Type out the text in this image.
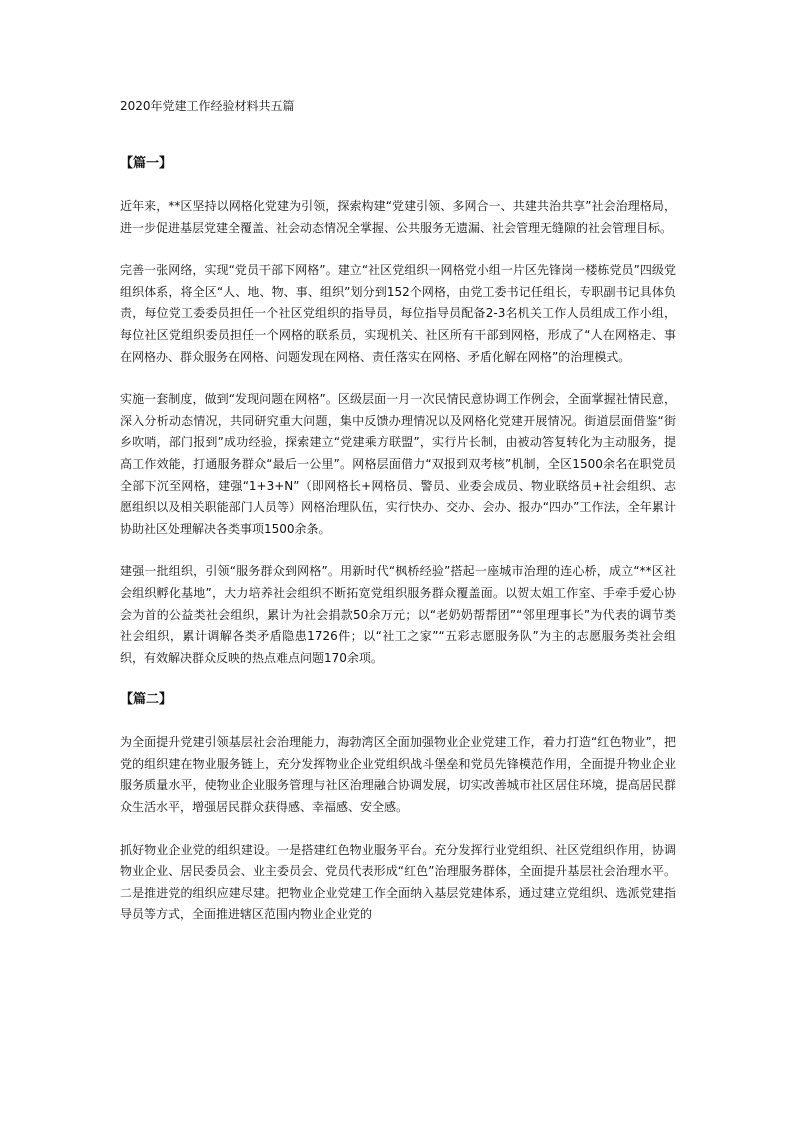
2020年党建工作经验材料共五篇
【篇一】

近年来，**区坚持以网格化党建为引领，探索构建“党建引领、多网合一、共建共治共享”社会治理格局，进一步促进基层党建全覆盖、社会动态情况全掌握、公共服务无遗漏、社会管理无缝隙的社会管理目标。

完善一张网络，实现“党员干部下网格”。建立“社区党组织一网格党小组一片区先锋岗一楼栋党员”四级党组织体系，将全区“人、地、物、事、组织”划分到152个网格，由党工委书记任组长，专职副书记具体负责，每位党工委委员担任一个社区党组织的指导员，每位指导员配备2-3名机关工作人员组成工作小组，每位社区党组织委员担任一个网格的联系员，实现机关、社区所有干部到网格，形成了“人在网格走、事在网格办、群众服务在网格、问题发现在网格、责任落实在网格、矛盾化解在网格”的治理模式。

实施一套制度，做到“发现问题在网格”。区级层面一月一次民情民意协调工作例会，全面掌握社情民意，深入分析动态情况，共同研究重大问题，集中反馈办理情况以及网格化党建开展情况。街道层面借鉴“街乡吹哨，部门报到”成功经验，探索建立“党建乘方联盟”，实行片长制，由被动答复转化为主动服务，提高工作效能，打通服务群众“最后一公里”。网格层面借力“双报到双考核”机制，全区1500余名在职党员全部下沉至网格，建强“1+3+N”（即网格长+网格员、警员、业委会成员、物业联络员+社会组织、志愿组织以及相关职能部门人员等）网格治理队伍，实行快办、交办、会办、报办“四办”工作法，全年累计协助社区处理解决各类事项1500余条。

建强一批组织，引领“服务群众到网格”。用新时代“枫桥经验”搭起一座城市治理的连心桥，成立“**区社会组织孵化基地”，大力培养社会组织不断拓宽党组织服务群众覆盖面。以贺太姐工作室、手牵手爱心协会为首的公益类社会组织，累计为社会捐款50余万元；以“老奶奶帮帮团”“邻里理事长”为代表的调节类社会组织，累计调解各类矛盾隐患1726件；以“社工之家”“五彩志愿服务队”为主的志愿服务类社会组织，有效解决群众反映的热点难点问题170余项。

【篇二】

为全面提升党建引领基层社会治理能力，海勃湾区全面加强物业企业党建工作，着力打造“红色物业”，把党的组织建在物业服务链上，充分发挥物业企业党组织战斗堡垒和党员先锋模范作用，全面提升物业企业服务质量水平，使物业企业服务管理与社区治理融合协调发展，切实改善城市社区居住环境，提高居民群众生活水平，增强居民群众获得感、幸福感、安全感。

抓好物业企业党的组织建设。一是搭建红色物业服务平台。充分发挥行业党组织、社区党组织作用，协调物业企业、居民委员会、业主委员会、党员代表形成“红色”治理服务群体，全面提升基层社会治理水平。二是推进党的组织应建尽建。把物业企业党建工作全面纳入基层党建体系，通过建立党组织、选派党建指导员等方式，全面推进辖区范围内物业企业党的
